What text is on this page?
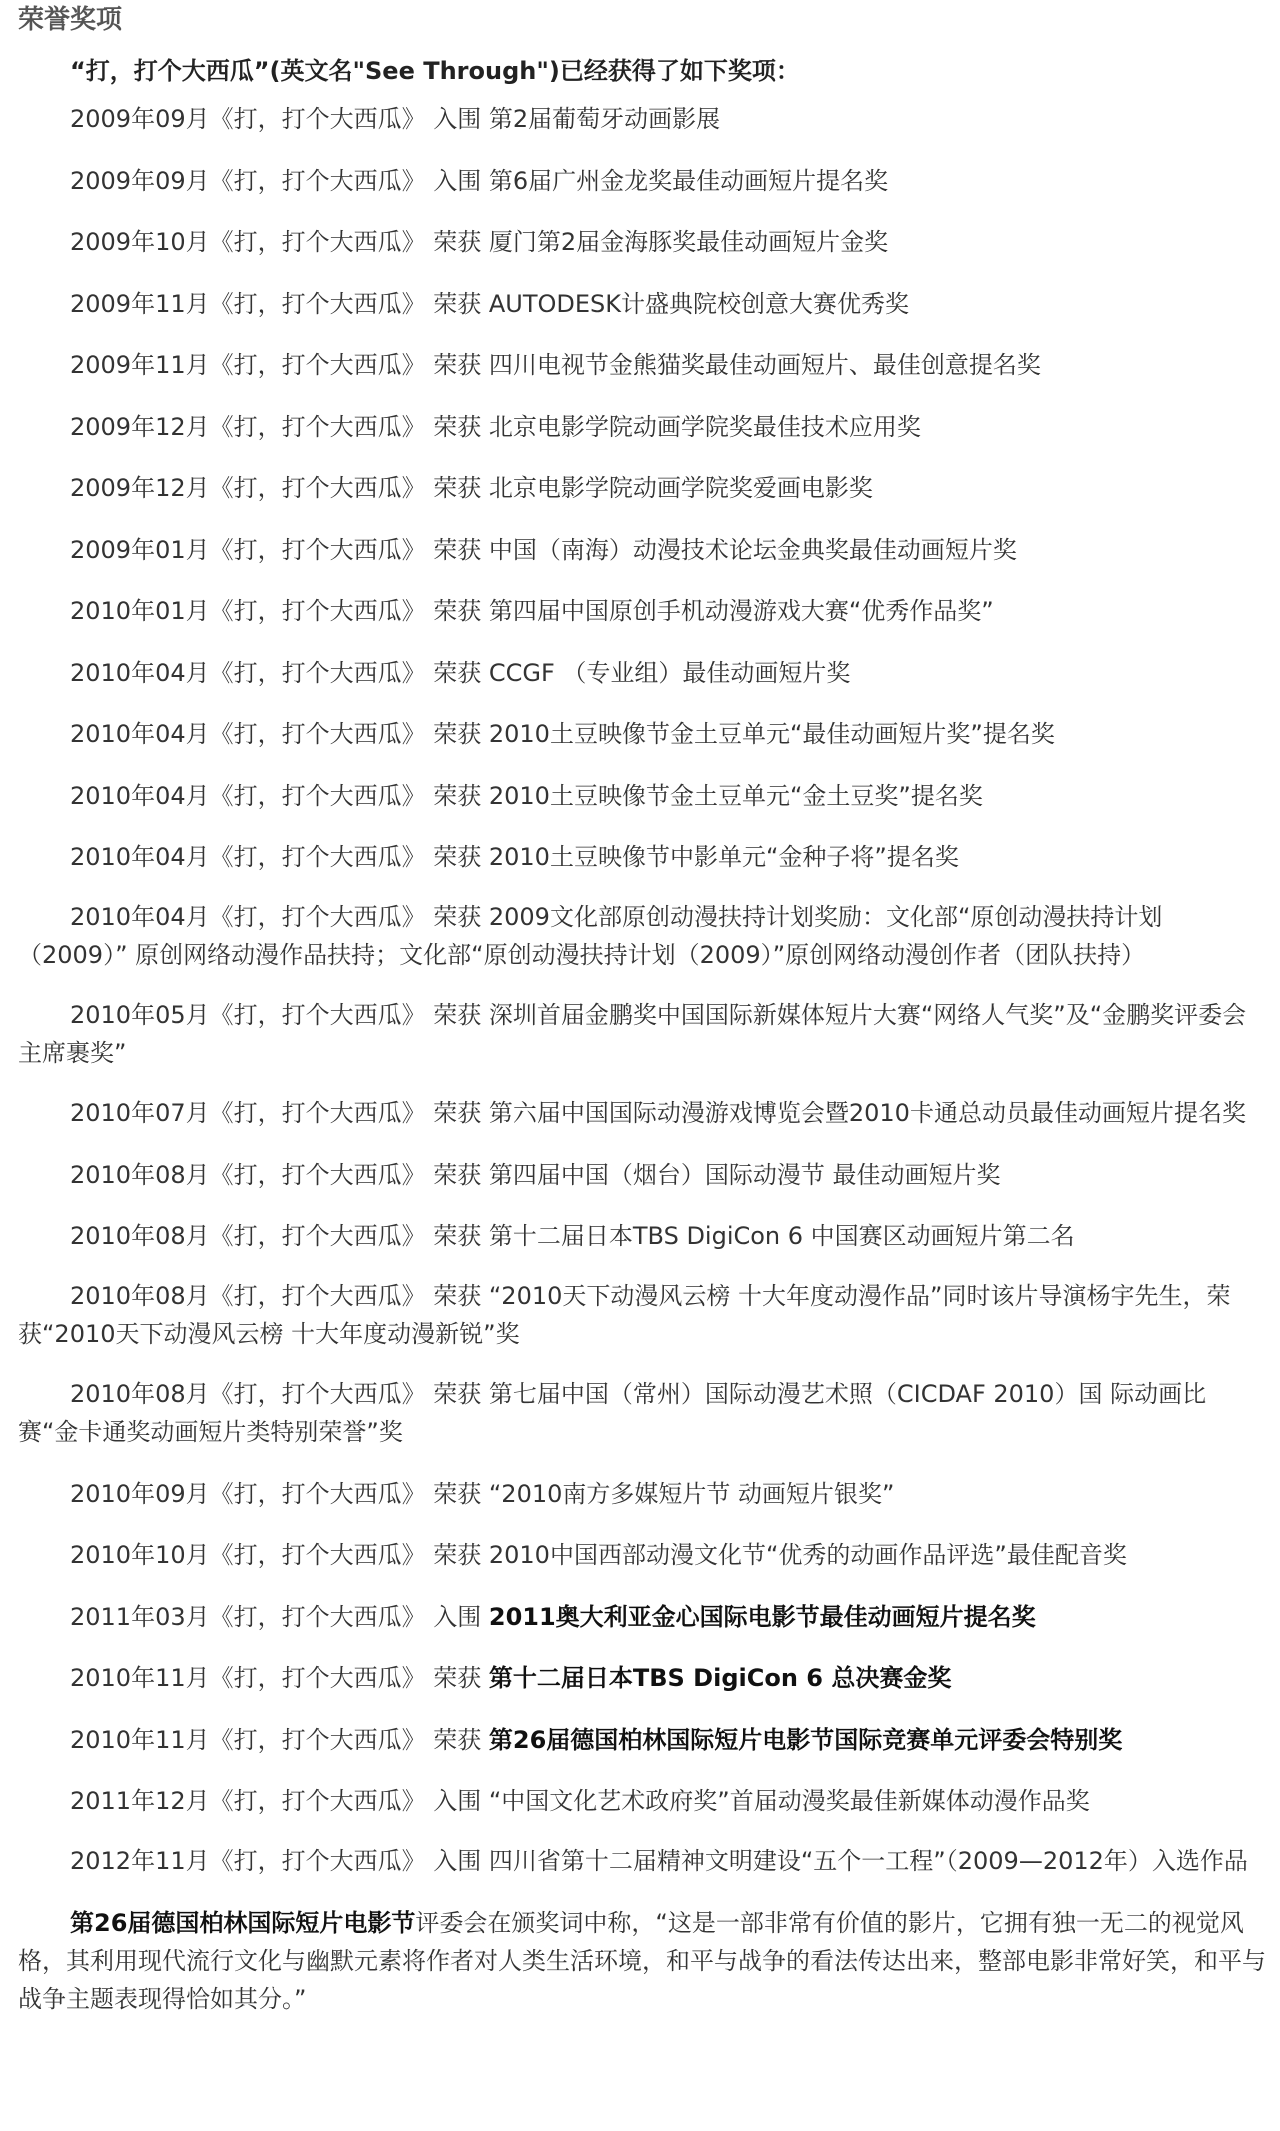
荣誉奖项

“打，打个大西瓜”(英文名"See Through")已经获得了如下奖项：

2009年09月《打，打个大西瓜》 入围 第2届葡萄牙动画影展

2009年09月《打，打个大西瓜》 入围 第6届广州金龙奖最佳动画短片提名奖

2009年10月《打，打个大西瓜》 荣获 厦门第2届金海豚奖最佳动画短片金奖

2009年11月《打，打个大西瓜》 荣获 AUTODESK计盛典院校创意大赛优秀奖

2009年11月《打，打个大西瓜》 荣获 四川电视节金熊猫奖最佳动画短片、最佳创意提名奖

2009年12月《打，打个大西瓜》 荣获 北京电影学院动画学院奖最佳技术应用奖

2009年12月《打，打个大西瓜》 荣获 北京电影学院动画学院奖爱画电影奖

2009年01月《打，打个大西瓜》 荣获 中国（南海）动漫技术论坛金典奖最佳动画短片奖

2010年01月《打，打个大西瓜》 荣获 第四届中国原创手机动漫游戏大赛“优秀作品奖”

2010年04月《打，打个大西瓜》 荣获 CCGF （专业组）最佳动画短片奖

2010年04月《打，打个大西瓜》 荣获 2010土豆映像节金土豆单元“最佳动画短片奖”提名奖

2010年04月《打，打个大西瓜》 荣获 2010土豆映像节金土豆单元“金土豆奖”提名奖

2010年04月《打，打个大西瓜》 荣获 2010土豆映像节中影单元“金种子将”提名奖

2010年04月《打，打个大西瓜》 荣获 2009文化部原创动漫扶持计划奖励：文化部“原创动漫扶持计划（2009）” 原创网络动漫作品扶持；文化部“原创动漫扶持计划（2009）”原创网络动漫创作者（团队扶持）

2010年05月《打，打个大西瓜》 荣获 深圳首届金鹏奖中国国际新媒体短片大赛“网络人气奖”及“金鹏奖评委会主席裹奖”

2010年07月《打，打个大西瓜》 荣获 第六届中国国际动漫游戏博览会暨2010卡通总动员最佳动画短片提名奖

2010年08月《打，打个大西瓜》 荣获 第四届中国（烟台）国际动漫节 最佳动画短片奖

2010年08月《打，打个大西瓜》 荣获 第十二届日本TBS DigiCon 6 中国赛区动画短片第二名

2010年08月《打，打个大西瓜》 荣获 “2010天下动漫风云榜 十大年度动漫作品”同时该片导演杨宇先生，荣获“2010天下动漫风云榜 十大年度动漫新锐”奖

2010年08月《打，打个大西瓜》 荣获 第七届中国（常州）国际动漫艺术照（CICDAF 2010）国 际动画比赛“金卡通奖动画短片类特别荣誉”奖

2010年09月《打，打个大西瓜》 荣获 “2010南方多媒短片节 动画短片银奖”

2010年10月《打，打个大西瓜》 荣获 2010中国西部动漫文化节“优秀的动画作品评选”最佳配音奖

2011年03月《打，打个大西瓜》 入围 2011奥大利亚金心国际电影节最佳动画短片提名奖

2010年11月《打，打个大西瓜》 荣获 第十二届日本TBS DigiCon 6 总决赛金奖

2010年11月《打，打个大西瓜》 荣获 第26届德国柏林国际短片电影节国际竞赛单元评委会特别奖

2011年12月《打，打个大西瓜》 入围 “中国文化艺术政府奖”首届动漫奖最佳新媒体动漫作品奖

2012年11月《打，打个大西瓜》 入围 四川省第十二届精神文明建设“五个一工程”（2009—2012年）入选作品

第26届德国柏林国际短片电影节评委会在颁奖词中称，“这是一部非常有价值的影片，它拥有独一无二的视觉风格，其利用现代流行文化与幽默元素将作者对人类生活环境，和平与战争的看法传达出来，整部电影非常好笑，和平与战争主题表现得恰如其分。”
